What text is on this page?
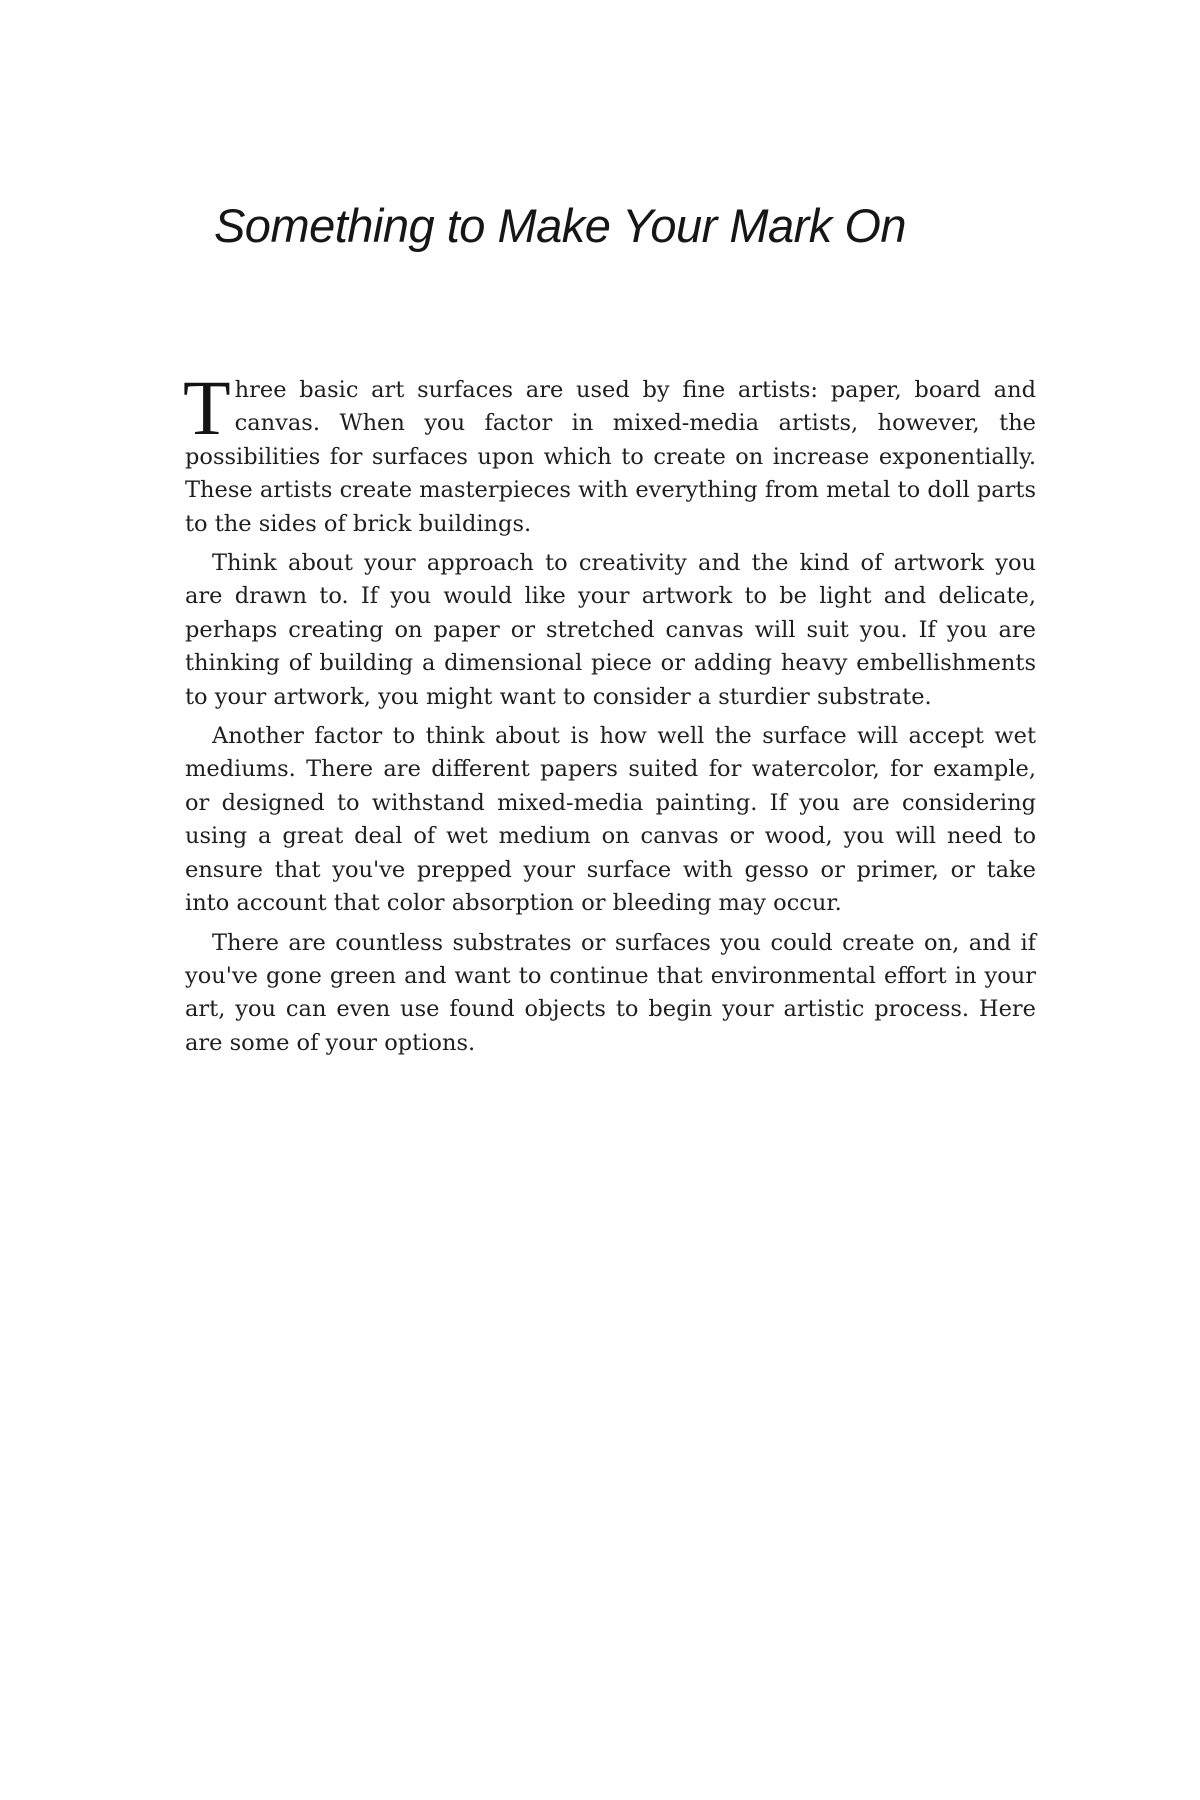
Something to Make Your Mark On

Three basic art surfaces are used by fine artists: paper, board and canvas. When you factor in mixed-media artists, however, the possibilities for surfaces upon which to create on increase exponentially. These artists create masterpieces with everything from metal to doll parts to the sides of brick buildings.

Think about your approach to creativity and the kind of artwork you are drawn to. If you would like your artwork to be light and delicate, perhaps creating on paper or stretched canvas will suit you. If you are thinking of building a dimensional piece or adding heavy embellishments to your artwork, you might want to consider a sturdier substrate.

Another factor to think about is how well the surface will accept wet mediums. There are different papers suited for watercolor, for example, or designed to withstand mixed-media painting. If you are considering using a great deal of wet medium on canvas or wood, you will need to ensure that you've prepped your surface with gesso or primer, or take into account that color absorption or bleeding may occur.

There are countless substrates or surfaces you could create on, and if you've gone green and want to continue that environmental effort in your art, you can even use found objects to begin your artistic process. Here are some of your options.
